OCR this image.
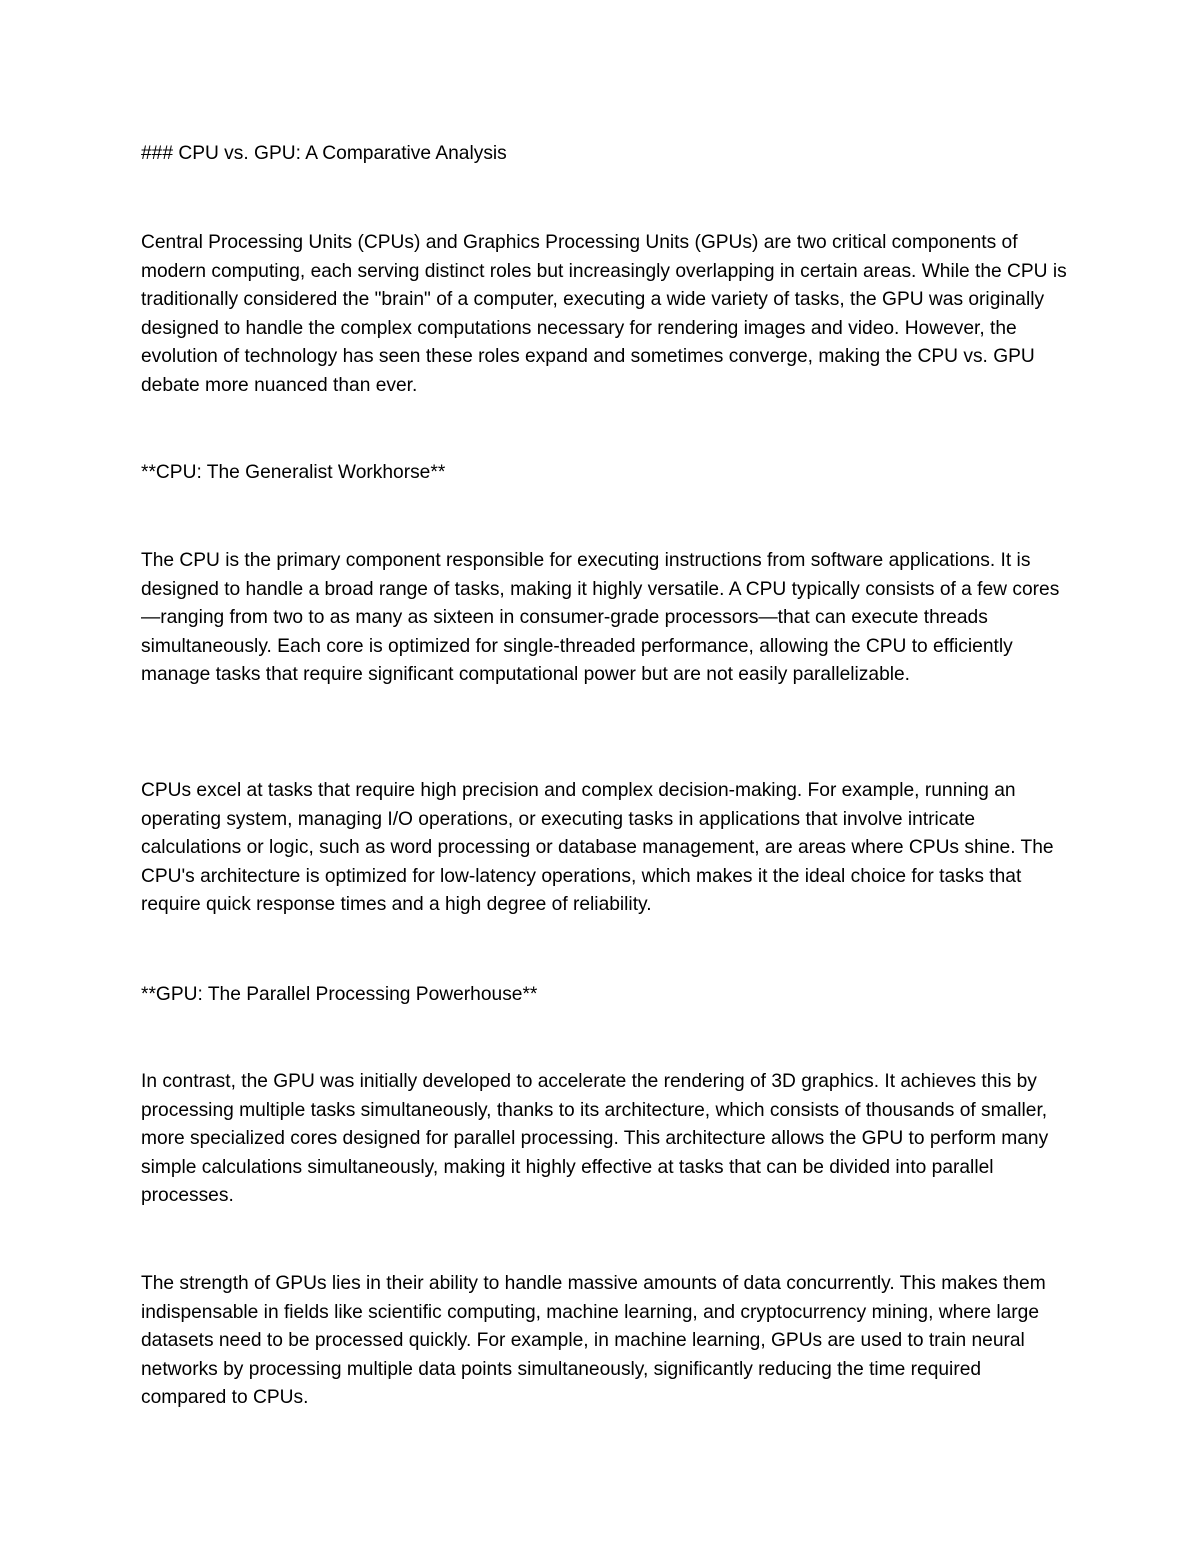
### CPU vs. GPU: A Comparative Analysis

Central Processing Units (CPUs) and Graphics Processing Units (GPUs) are two critical components of modern computing, each serving distinct roles but increasingly overlapping in certain areas. While the CPU is traditionally considered the "brain" of a computer, executing a wide variety of tasks, the GPU was originally designed to handle the complex computations necessary for rendering images and video. However, the evolution of technology has seen these roles expand and sometimes converge, making the CPU vs. GPU debate more nuanced than ever.

**CPU: The Generalist Workhorse**

The CPU is the primary component responsible for executing instructions from software applications. It is designed to handle a broad range of tasks, making it highly versatile. A CPU typically consists of a few cores—ranging from two to as many as sixteen in consumer-grade processors—that can execute threads simultaneously. Each core is optimized for single-threaded performance, allowing the CPU to efficiently manage tasks that require significant computational power but are not easily parallelizable.

CPUs excel at tasks that require high precision and complex decision-making. For example, running an operating system, managing I/O operations, or executing tasks in applications that involve intricate calculations or logic, such as word processing or database management, are areas where CPUs shine. The CPU's architecture is optimized for low-latency operations, which makes it the ideal choice for tasks that require quick response times and a high degree of reliability.

**GPU: The Parallel Processing Powerhouse**

In contrast, the GPU was initially developed to accelerate the rendering of 3D graphics. It achieves this by processing multiple tasks simultaneously, thanks to its architecture, which consists of thousands of smaller, more specialized cores designed for parallel processing. This architecture allows the GPU to perform many simple calculations simultaneously, making it highly effective at tasks that can be divided into parallel processes.

The strength of GPUs lies in their ability to handle massive amounts of data concurrently. This makes them indispensable in fields like scientific computing, machine learning, and cryptocurrency mining, where large datasets need to be processed quickly. For example, in machine learning, GPUs are used to train neural networks by processing multiple data points simultaneously, significantly reducing the time required compared to CPUs.
